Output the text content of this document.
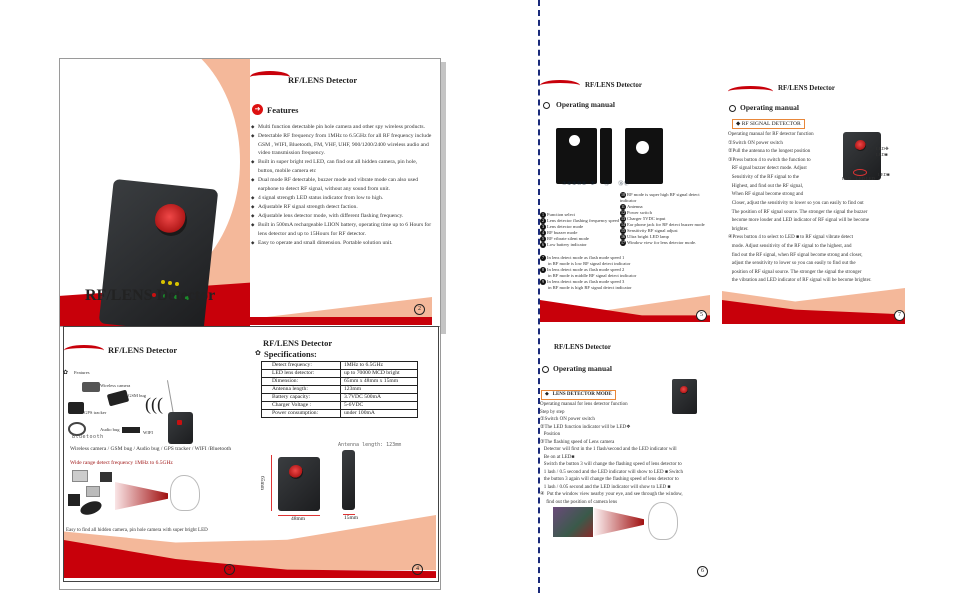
RF/LENS Detector
RF/LENS Detector
➜ Features
◆ Multi function detectable pin hole camera and other spy wireless products.
◆ Detectable RF frequency from 1MHz to 6.5GHz for all RF frequency include GSM , WIFI, Bluetooth, FM, VHF, UHF, 900/1200/2400 wireless audio and video transmission frequency.
◆ Built in super bright red LED, can find out all hidden camera, pin hole, button, mobile camera etc
◆ Dual mode RF detectable, buzzer mode and vibrate mode can also used earphone to detect RF signal, without any sound from unit.
◆ 4 signal strength LED status indicator from low to high.
◆ Adjustable RF signal strength detect faction.
◆ Adjustable lens detector mode, with different flashing frequency.
◆ Built in 500mA rechargeable LIION battery, operating time up to 6 Hours for lens detector and up to 15Hours for RF detector.
◆ Easy to operate and small dimension. Portable solution unit.
2
RF/LENS Detector
Features
✿
Wireless camera
GSM bug
GPS tracker
Bluetooth
Audio bug
WIFI
(((
Wireless camera / GSM bug / Audio bug / GPS tracker / WIFI /Bluetooth
Wide range detect frequency 1MHz to 6.5GHz
Easy to find all hidden camera, pin hole camera with super bright LED
3	4
RF/LENS Detector
✿ Specifications:
Detect frequency:	1MHz to 6.5GHz
LED lens detector:	up to 70000 MCD bright
Dimension:	65mm x 48mm x 15mm
Antenna length:	123mm
Battery capacity:	3.7VDC 500mA
Charger Voltage :	5-6VDC
Power consumption:	under 100mA
Antenna length: 123mm
65mm
48mm	15mm
RF/LENS Detector
Operating manual
⑦⑧⑨⑩⑥  ⑤     ⑫     ⑯⑰
10 RF mode is super high RF signal detect indicator
11 Antenna
12 Power switch
13 Charger 5VDC input
14 Ear phone jack for RF detect buzzer mode
15 Sensitivity RF signal adjust
16 Ultra bright LED lamp
17 Window view for lens detector mode.
1 Function select
2 Lens detector flashing frequency speed
3 Lens detector mode
4 RF buzzer mode
5 RF vibrate silent mode
6 Low battery indicator
7 In lens detect mode as flash mode speed 1
in RF mode is low RF signal detect indicator
8 In lens detect mode as flash mode speed 2
in RF mode is middle RF signal detect indicator
9 In lens detect mode as flash mode speed 3
in RF mode is high RF signal detect indicator
5
RF/LENS Detector
Operating manual
◆ RF SIGNAL DETECTOR
Operating manual for RF detector function
①Switch ON power switch
②Pull the antenna to the longest position
③Press button 4 to switch the function to
RF signal buzzer detect mode. Adjust
Sensitivity of the RF signal to the
Highest, and find out the RF signal,
When RF signal become strong and
LED❖
LED■
LED■
LED LED LED
Closer, adjust the sensitivity to lower so you can easily to find out
The position of RF signal source. The stronger the signal the buzzer
become more louder and LED indicator of RF signal will be become
brighter.
④Press button 4 to select to LED ■ to RF signal vibrate detect
mode. Adjust sensitivity of the RF signal to the highest, and
find out the RF signal, when RF signal become strong and closer,
adjust the sensitivity to lower so you can easily to find out the
position of RF signal source. The stronger the signal the stronger
the vibration and LED indicator of RF signal will be become brighter.
7
RF/LENS Detector
Operating manual
◆   LENS DETECTOR MODE
Operating manual for lens detector function
Step by step
①Switch ON power switch
②The LED function indicator will be LED❖
Position
③The flashing speed of Lens camera
Detector will first in the 1 flash/second and the LED indicator will
Be on at LED■
Switch the button 3 will change the flashing speed of lens detector to
1 lash / 0.5 second and the LED indicator will show to LED ■ Switch
the button 3 again will change the flashing speed of lens detector to
1 lash / 0.05 second and the LED indicator will show to LED ■
④  Put the window view nearby your eye, and see through the window,
find out the position of camera lens
6
